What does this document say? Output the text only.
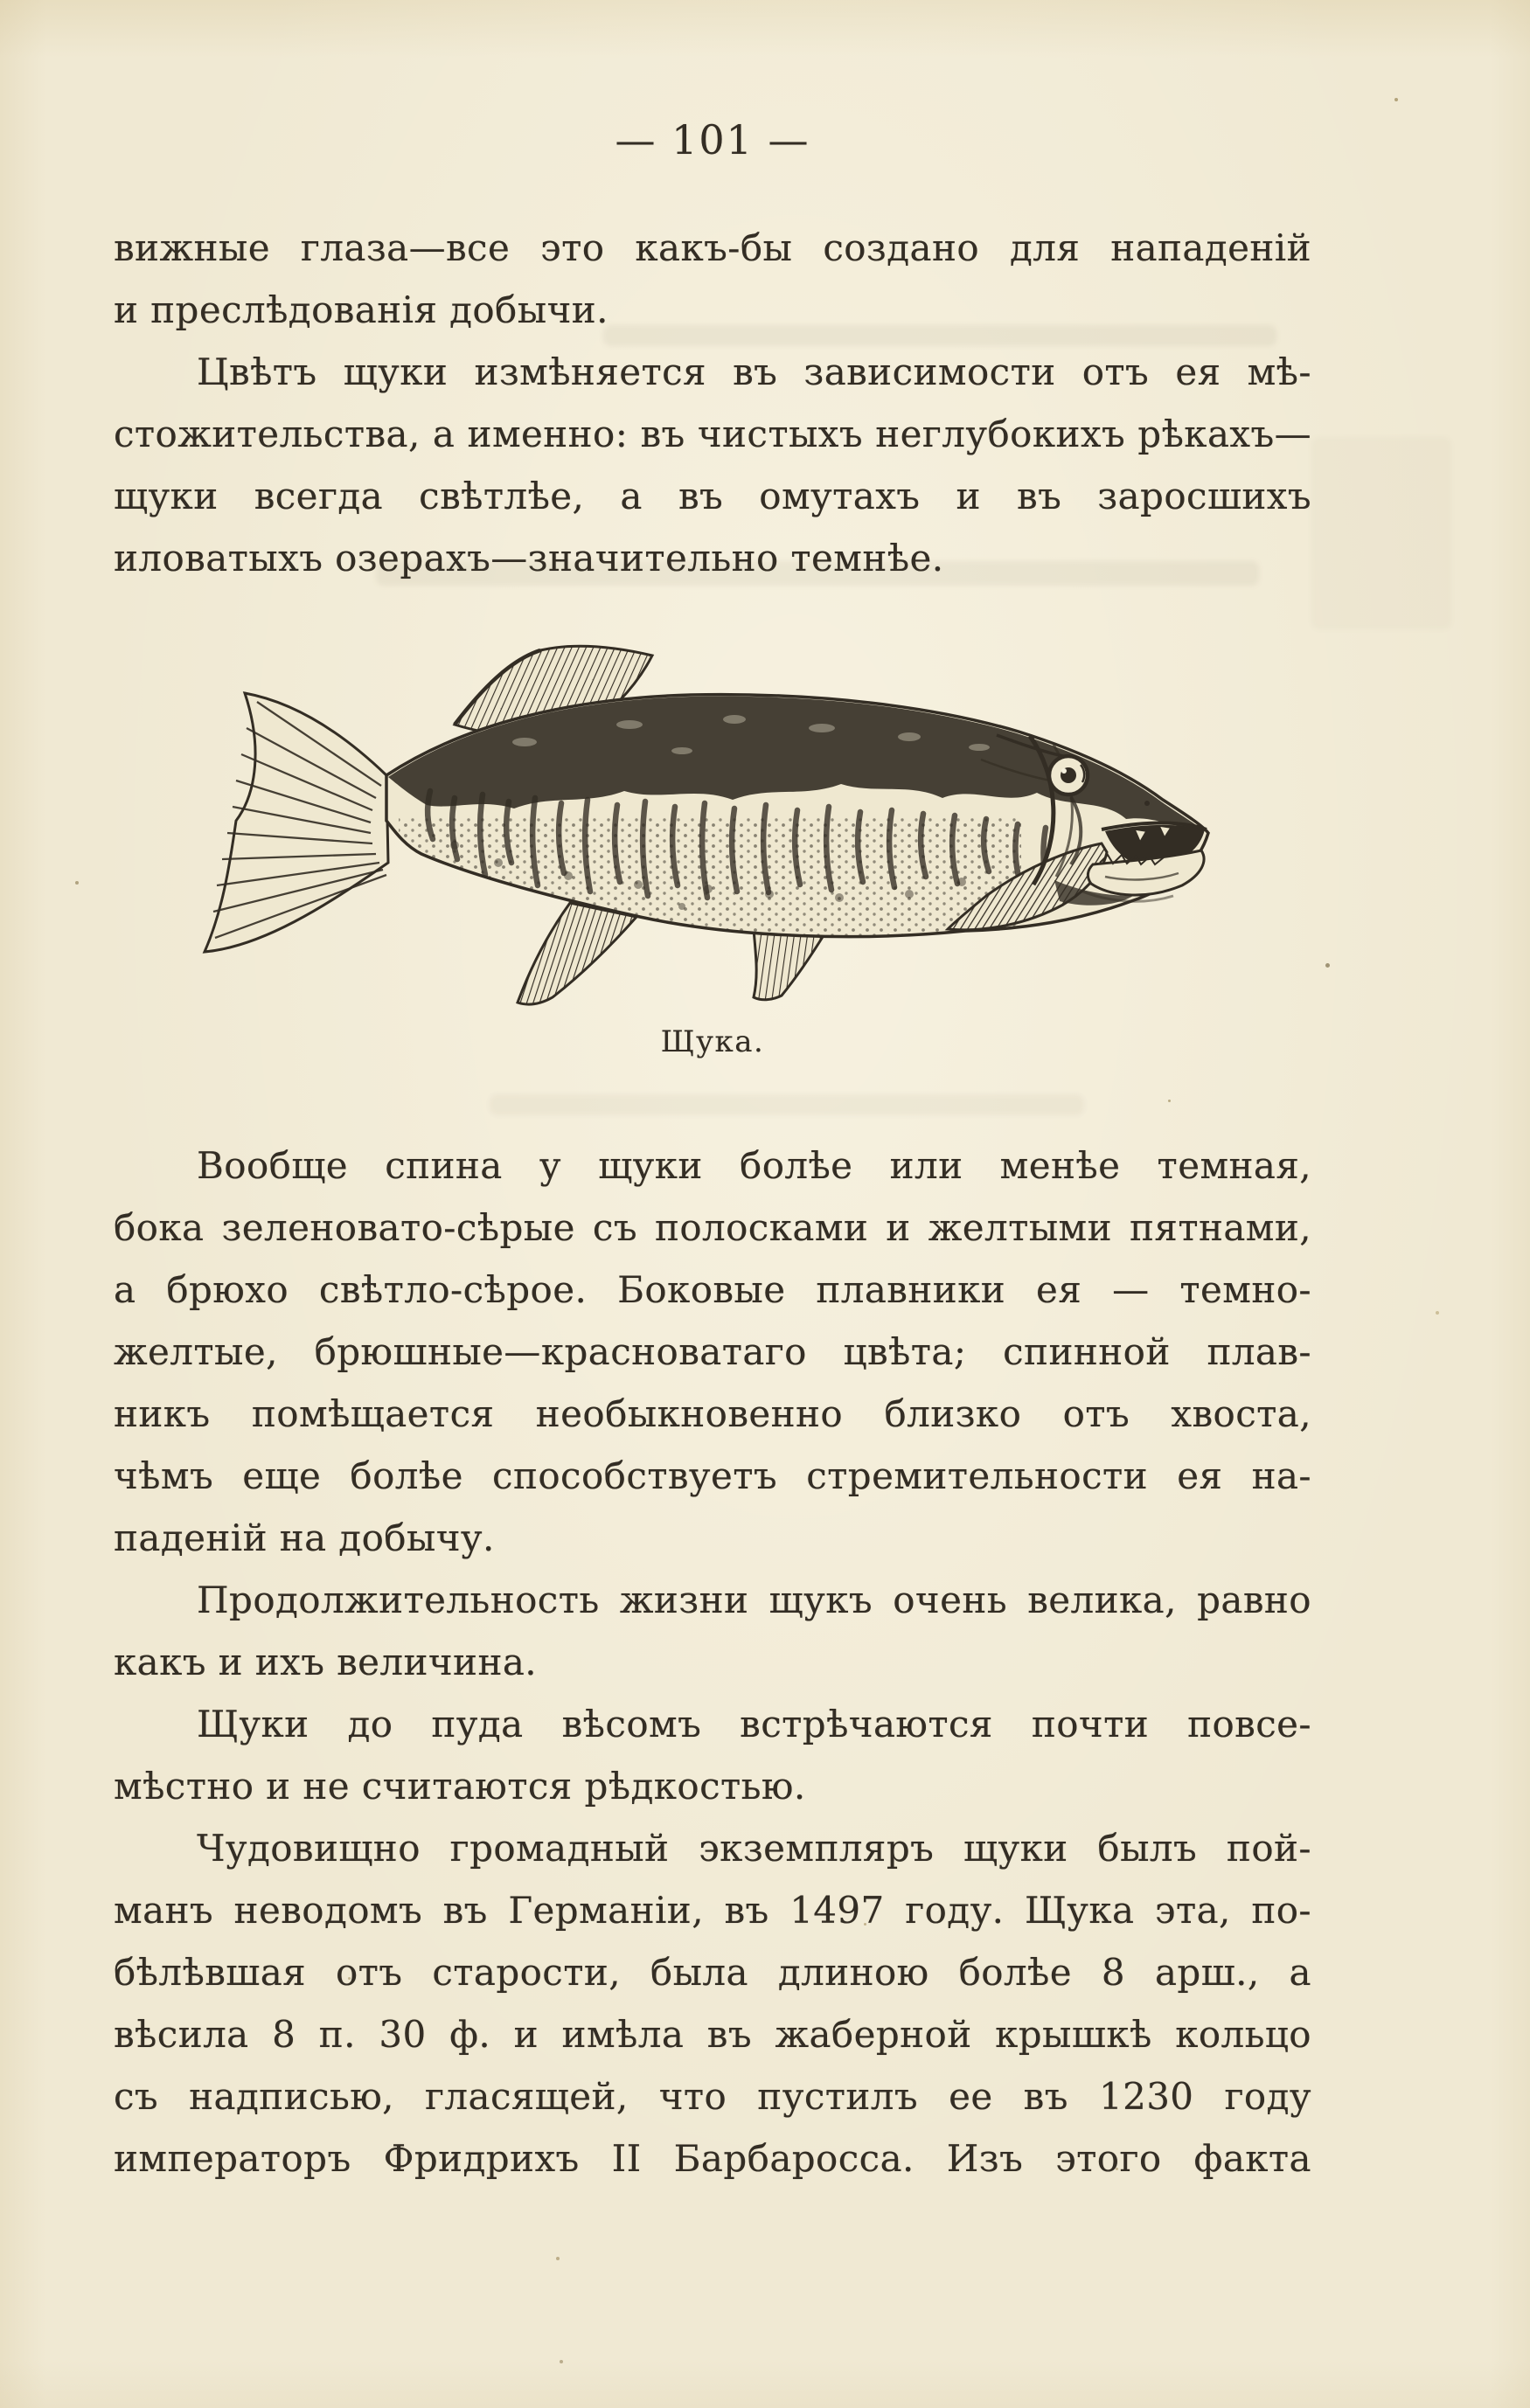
— 101 —
вижные глаза—все это какъ-бы создано для нападеній
и преслѣдованія добычи.
Цвѣтъ щуки измѣняется въ зависимости отъ ея мѣ-
стожительства, а именно: въ чистыхъ неглубокихъ рѣкахъ—
щуки всегда свѣтлѣе, а въ омутахъ и въ заросшихъ
иловатыхъ озерахъ—значительно темнѣе.
Щука.
Вообще спина у щуки болѣе или менѣе темная,
бока зеленовато-сѣрые съ полосками и желтыми пятнами,
а брюхо свѣтло-сѣрое. Боковые плавники ея — темно-
желтые, брюшные—красноватаго цвѣта; спинной плав-
никъ помѣщается необыкновенно близко отъ хвоста,
чѣмъ еще болѣе способствуетъ стремительности ея на-
паденій на добычу.
Продолжительность жизни щукъ очень велика, равно
какъ и ихъ величина.
Щуки до пуда вѣсомъ встрѣчаются почти повсе-
мѣстно и не считаются рѣдкостью.
Чудовищно громадный экземпляръ щуки былъ пой-
манъ неводомъ въ Германіи, въ 1497 году. Щука эта, по-
бѣлѣвшая отъ старости, была длиною болѣе 8 арш., а
вѣсила 8 п. 30 ф. и имѣла въ жаберной крышкѣ кольцо
съ надписью, гласящей, что пустилъ ее въ 1230 году
императоръ Фридрихъ II Барбаросса. Изъ этого факта
